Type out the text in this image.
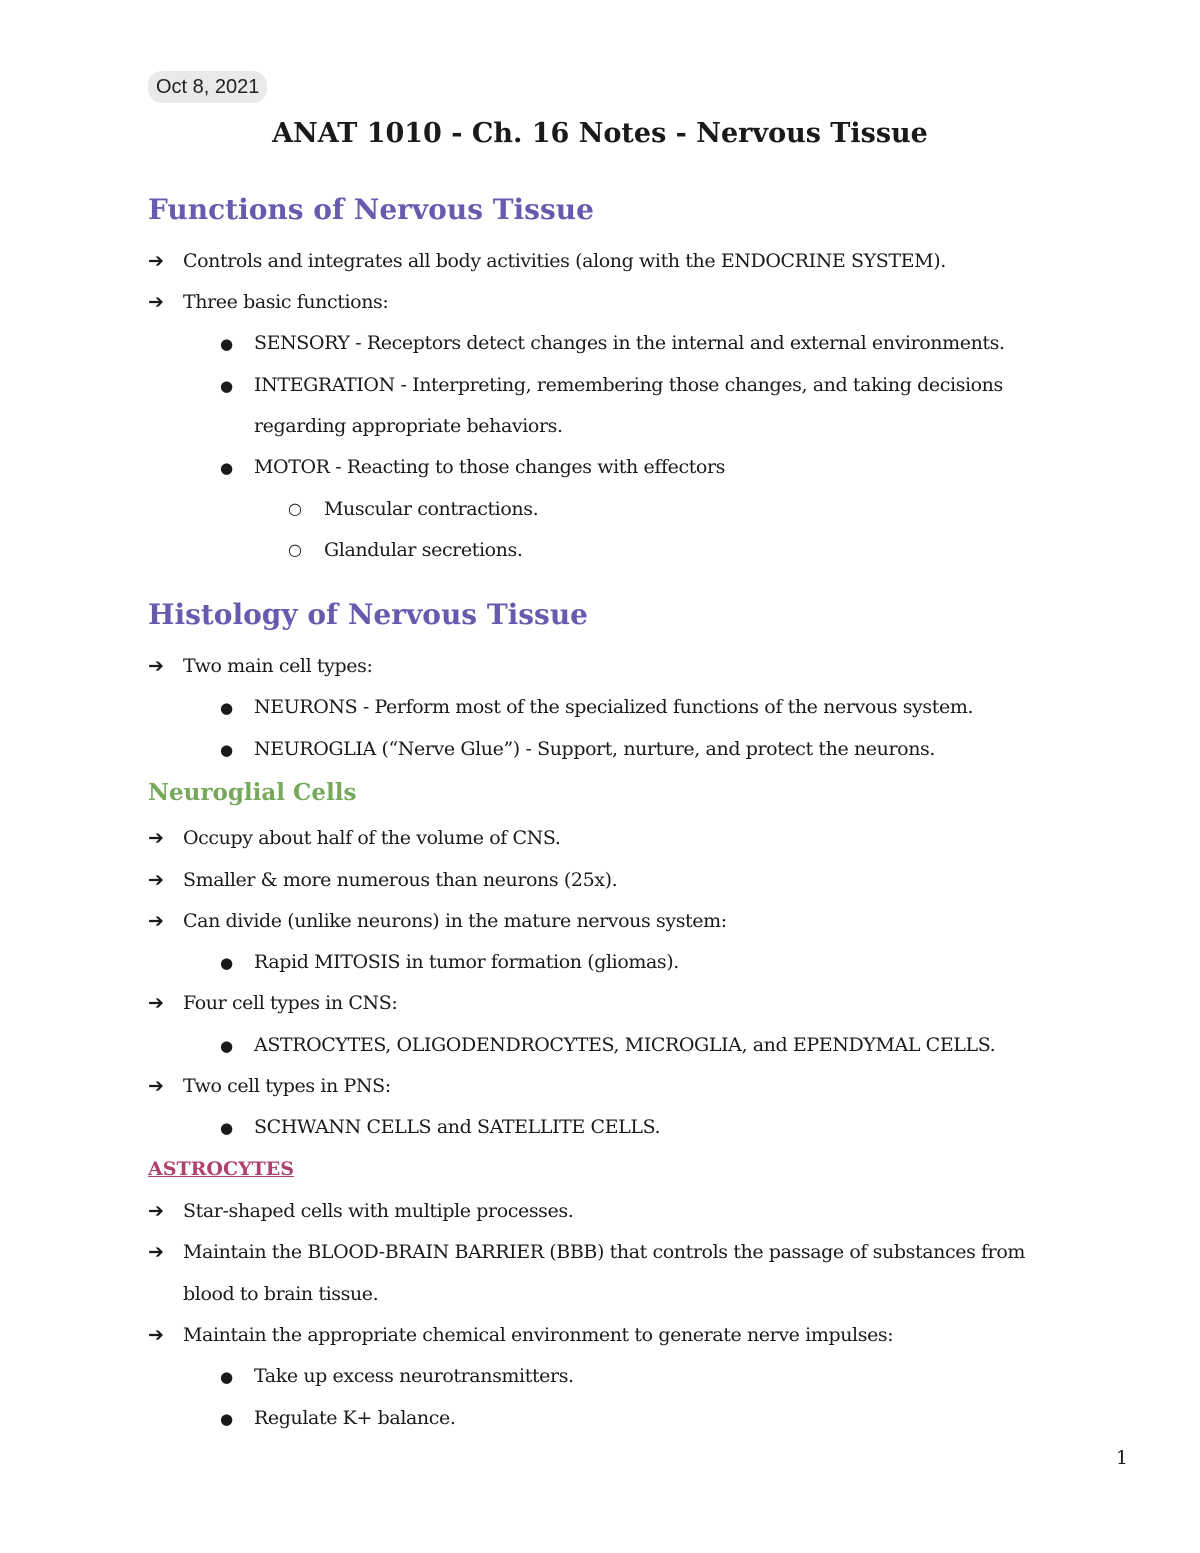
Oct 8, 2021
ANAT 1010 - Ch. 16 Notes - Nervous Tissue
Functions of Nervous Tissue
➔ Controls and integrates all body activities (along with the ENDOCRINE SYSTEM).
➔ Three basic functions:
● SENSORY - Receptors detect changes in the internal and external environments.
● INTEGRATION - Interpreting, remembering those changes, and taking decisions
regarding appropriate behaviors.
● MOTOR - Reacting to those changes with effectors
○ Muscular contractions.
○ Glandular secretions.
Histology of Nervous Tissue
➔ Two main cell types:
● NEURONS - Perform most of the specialized functions of the nervous system.
● NEUROGLIA (“Nerve Glue”) - Support, nurture, and protect the neurons.
Neuroglial Cells
➔ Occupy about half of the volume of CNS.
➔ Smaller & more numerous than neurons (25x).
➔ Can divide (unlike neurons) in the mature nervous system:
● Rapid MITOSIS in tumor formation (gliomas).
➔ Four cell types in CNS:
● ASTROCYTES, OLIGODENDROCYTES, MICROGLIA, and EPENDYMAL CELLS.
➔ Two cell types in PNS:
● SCHWANN CELLS and SATELLITE CELLS.
ASTROCYTES
➔ Star-shaped cells with multiple processes.
➔ Maintain the BLOOD-BRAIN BARRIER (BBB) that controls the passage of substances from
blood to brain tissue.
➔ Maintain the appropriate chemical environment to generate nerve impulses:
● Take up excess neurotransmitters.
● Regulate K+ balance.
1
